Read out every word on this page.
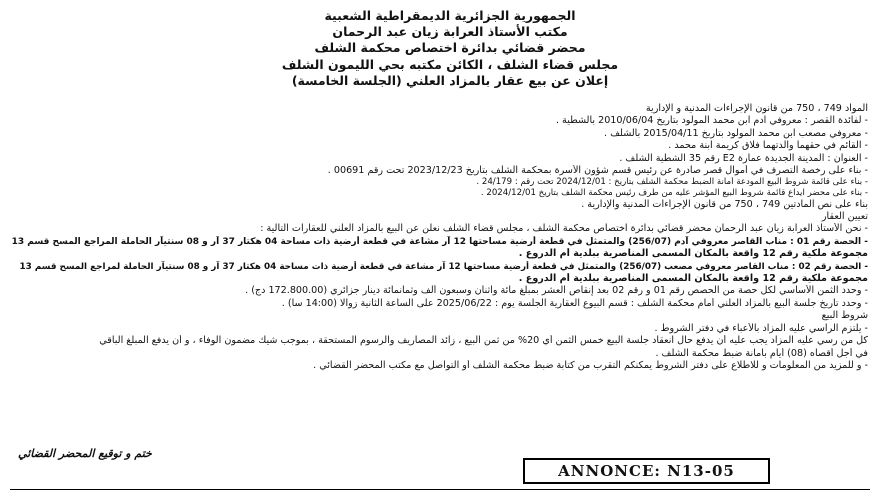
الجمهورية الجزائرية الديمقراطية الشعبية
مكتب الأستاذ العرابة زيان عبد الرحمان
محضر قضائي بدائرة اختصاص محكمة الشلف
مجلس قضاء الشلف ، الكائن مكتبه بحي الليمون الشلف
إعلان عن بيع عقار بالمزاد العلني (الجلسة الخامسة)
المواد 749 ، 750 من قانون الإجراءات المدنية و الإدارية
- لفائدة القصر : معروفي آدم ابن محمد المولود بتاريخ 2010/06/04 بالشطية .
- معروفي مصعب ابن محمد المولود بتاريخ 2015/04/11 بالشلف .
- القائم في حقهما والدتهما فلاق كريمة ابنة محمد .
- العنوان : المدينة الجديدة عمارة E2 رقم 35 الشطية الشلف .
- بناء على رخصة التصرف في أموال قصر صادرة عن رئيس قسم شؤون الأسرة بمحكمة الشلف بتاريخ 2023/12/23 تحت رقم 00691 .
- بناء على قائمة شروط البيع المودعة أمانة الضبط محكمة الشلف بتاريخ : 2024/12/01 تحت رقم : 24/179 .
- بناء على محضر ايداع قائمة شروط البيع المؤشر عليه من طرف رئيس محكمة الشلف بتاريخ 2024/12/01 .
بناء على نص المادتين 749 ، 750 من قانون الإجراءات المدنية والإدارية .
تعيين العقار
- نحن الأستاذ العرابة زيان عبد الرحمان محضر قضائي بدائرة اختصاص محكمة الشلف ، مجلس قضاء الشلف نعلن عن البيع بالمزاد العلني للعقارات التالية :
- الحصة رقم 01 : مناب القاصر معروفي آدم (256/07) والمتمثل في قطعة أرضية مساحتها 12 آر مشاعة في قطعة أرضية ذات مساحة 04 هكتار 37 آر و 08 سنتيآر الحاملة المراجع المسح قسم 13
مجموعة ملكية رقم 12 واقعة بالمكان المسمى المناصرية ببلدية أم الدروع .
- الحصة رقم 02 : مناب القاصر معروفي مصعب (256/07) والمتمثل في قطعة أرضية مساحتها 12 آر مشاعة في قطعة أرضية ذات مساحة 04 هكتار 37 آر و 08 سنتيآر الحاملة لمراجع المسح قسم 13
مجموعة ملكية رقم 12 واقعة بالمكان المسمى المناصرية ببلدية أم الدروع .
- وحدد الثمن الأساسي لكل حصة من الحصص رقم 01 و رقم 02 بعد إنقاص العشر بمبلغ مائة واثنان وسبعون ألف وثمانمائة دينار جزائري (172.800.00 دج) .
- وحدد تاريخ جلسة البيع بالمزاد العلني أمام محكمة الشلف : قسم البيوع العقارية الجلسة يوم : 2025/06/22 على الساعة الثانية زوالا (14:00 سا) .
شروط البيع
- يلتزم الراسي عليه المزاد بالأعباء في دفتر الشروط .
كل من رسي عليه المزاد يجب عليه أن يدفع حال انعقاد جلسة البيع خمس الثمن أي 20% من ثمن البيع ، زائد المصاريف والرسوم المستحقة ، بموجب شيك مضمون الوفاء ، و أن يدفع المبلغ الباقي
في أجل أقصاه (08) أيام بأمانة ضبط محكمة الشلف .
- و للمزيد من المعلومات و للاطلاع على دفتر الشروط يمكنكم التقرب من كتابة ضبط محكمة الشلف أو التواصل مع مكتب المحضر القضائي .
ختم و توقيع المحضر القضائي
ANNONCE: N13-05
